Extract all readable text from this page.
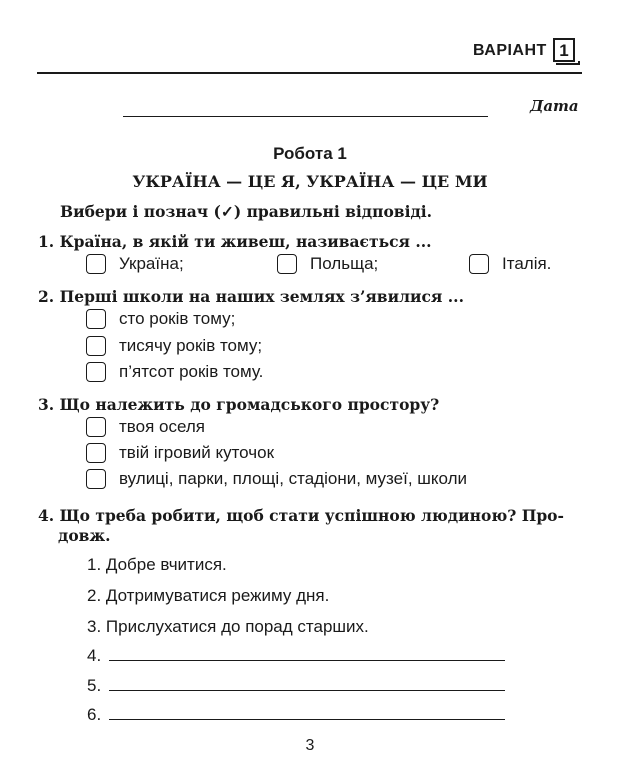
ВАРІАНТ 1
Дата
Робота 1
УКРАЇНА — ЦЕ Я, УКРАЇНА — ЦЕ МИ
Вибери і познач (✓) правильні відповіді.
1. Країна, в якій ти живеш, називається ...
Україна;	Польща;	Італія.
2. Перші школи на наших землях з’явилися ...
сто років тому;
тисячу років тому;
п’ятсот років тому.
3. Що належить до громадського простору?
твоя оселя
твій ігровий куточок
вулиці, парки, площі, стадіони, музеї, школи
4. Що треба робити, щоб стати успішною людиною? Про-
довж.
1. Добре вчитися.
2. Дотримуватися режиму дня.
3. Прислухатися до порад старших.
4.
5.
6.
3
